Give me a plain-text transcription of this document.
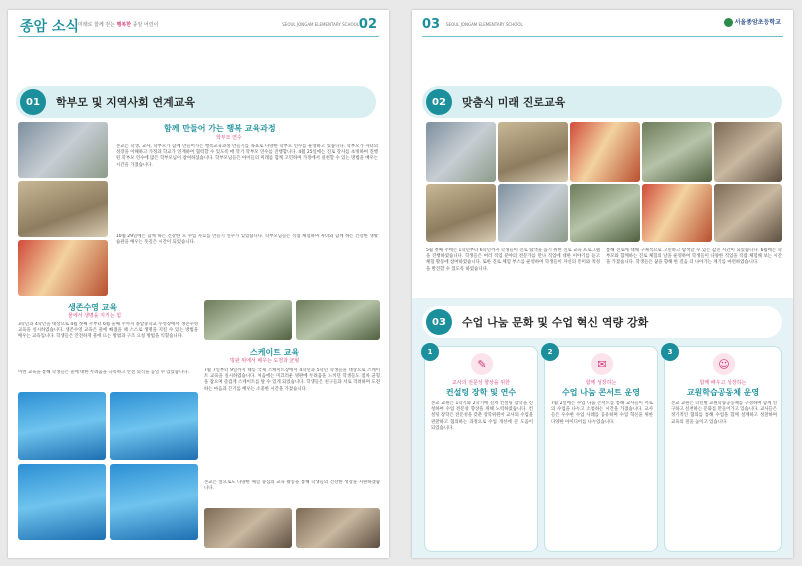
종암 소식 미래로 함께 걷는 행복한 종암 어린이	SEOUL JONGAM ELEMENTARY SCHOOL 02
01	학부모 및 지역사회 연계교육
함께 만들어 가는 행복 교육과정
학부모 연수
본교는 학생, 교사, 학부모가 함께 만들어가는 행복교육과정 만들기를 목표로 다양한 학부모 연수를 운영하고 있습니다. 학부모가 자녀의 성장을 이해하고 가정과 학교가 연계하여 협력할 수 있도록 매 학기 학부모 연수를 진행합니다. 4월 25일에는 진로 강사를 초빙하여 진행된 학부모 연수에 많은 학부모님이 참여하셨습니다. 학부모님들은 아이들의 미래를 함께 고민하며 가정에서 실천할 수 있는 방법을 배우는 시간을 가졌습니다.
10월 29일에는 함께 하는 건강한 모 수업 자료를 만들기 연수가 있었습니다. 학부모님들은 직접 체험하며 자녀와 함께 하는 건강한 생활 습관을 배우는 뜻깊은 시간이 되었습니다.
생존수영 교육
물에서 생명을 지키는 힘
3학년과 4학년을 대상으로 4월 첫째 주부터 6월 둘째 주까지 종암중학교 수영장에서 생존수영 교육을 실시하였습니다. 생존수영 교육은 물에 빠졌을 때 스스로 생명을 지킬 수 있는 방법을 배우는 교육입니다. 학생들은 안전하게 물에 뜨는 방법과 구조 요청 방법을 익혔습니다.
이번 교육을 통해 학생들은 물에 대한 두려움을 극복하고 안전 의식을 높일 수 있었습니다.
스케이트 교육
빙판 위에서 배우는 도전과 균형
7월 7일부터 9일까지 태릉 국제 스케이트장에서 4학년과 5학년 학생들을 대상으로 스케이트 교육을 실시하였습니다. 처음에는 미끄러운 빙판에 두려움을 느끼던 학생들도 점차 균형을 잡으며 즐겁게 스케이트를 탈 수 있게 되었습니다. 학생들은 친구들과 서로 격려하며 도전하는 마음과 끈기를 배우는 소중한 시간을 가졌습니다.
본교는 앞으로도 다양한 체험 중심의 교육 활동을 통해 학생들의 건강한 성장을 지원하겠습니다.
03 SEOUL JONGAM ELEMENTARY SCHOOL	서울종암초등학교
02	맞춤식 미래 진로교육
5월 첫째 주에는 1학년부터 6학년까지 학생들이 진로 탐색을 돕기 위한 진로 교육 프로그램을 진행하였습니다. 학생들은 여러 직업 분야의 전문가를 만나 직업에 대한 이야기를 듣고 체험 활동에 참여하였습니다. 또한 진로 체험 부스를 운영하여 학생들이 자신의 흥미와 적성을 발견할 수 있도록 하였습니다.
통해 진로에 대해 구체적으로 고민하고 탐색할 수 있는 값진 시간이 되었습니다. 6월에는 학부모와 함께하는 진로 체험의 날을 운영하여 학생들이 다양한 직업을 직접 체험해 보는 시간을 가졌습니다. 학생들은 꿈을 향해 한 걸음 더 나아가는 계기를 마련하였습니다.
03	수업 나눔 문화 및 수업 혁신 역량 강화
1
✎
교사의 전문성 향상을 위한
컨설팅 장학 및 연수
본교 교원은 1학기와 2학기에 걸쳐 컨설팅 장학을 신청하여 수업 전문성 향상을 위해 노력하였습니다. 컨설팅 장학은 전문성을 갖춘 장학위원이 교사의 수업을 관찰하고 협의하는 과정으로 수업 개선에 큰 도움이 되었습니다.
2
✉
함께 성장하는
수업 나눔 콘서트 운영
7월 2일에는 수업 나눔 콘서트를 통해 교사들이 서로의 수업을 나누고 소통하는 시간을 가졌습니다. 교사들은 우수한 수업 사례를 공유하며 수업 혁신을 위한 다양한 아이디어를 나누었습니다.
3
☺
함께 배우고 성장하는
교원학습공동체 운영
본교 교원은 학년별 교원학습공동체를 구성하여 함께 연구하고 실천하는 문화를 만들어가고 있습니다. 교사들은 정기적인 협의를 통해 수업을 함께 설계하고 성찰하며 교육의 질을 높이고 있습니다.
